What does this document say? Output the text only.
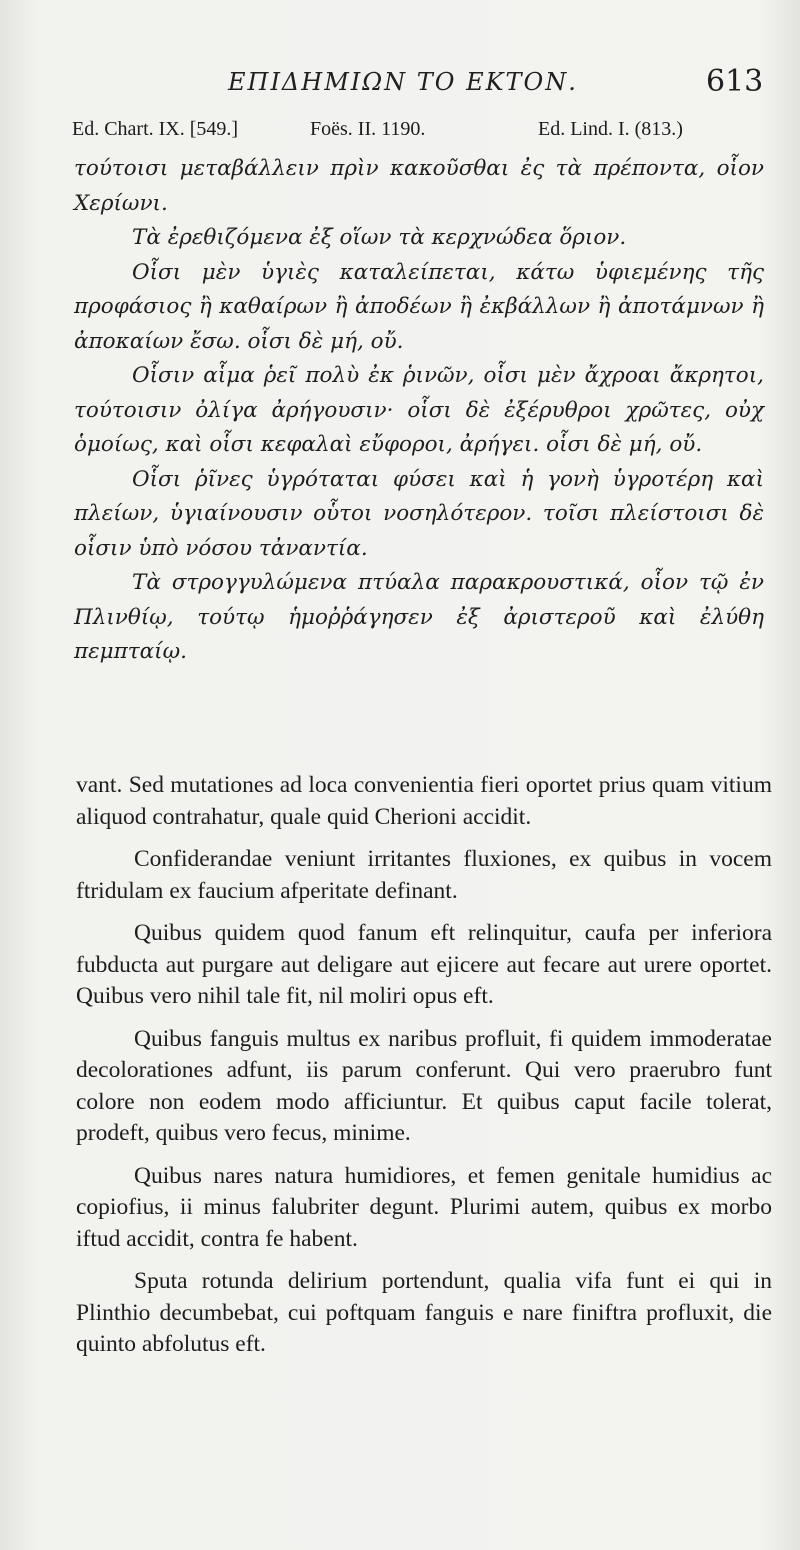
ΕΠΙΔΗΜΙΩΝ ΤΟ ΕΚΤΟΝ.	613
Ed. Chart. IX. [549.]	Foës. II. 1190.	Ed. Lind. I. (813.)

τούτοισι μεταβάλλειν πρὶν κακοῦσθαι ἐς τὰ πρέποντα, οἷον Χερίωνι.

Τὰ ἐρεθιζόμενα ἐξ οἵων τὰ κερχνώδεα ὅριον.

Οἷσι μὲν ὑγιὲς καταλείπεται, κάτω ὑφιεμένης τῆς προφάσιος ἢ καθαίρων ἢ ἀποδέων ἢ ἐκβάλλων ἢ ἀποτάμνων ἢ ἀποκαίων ἔσω. οἷσι δὲ μή, οὔ.

Οἷσιν αἷμα ῥεῖ πολὺ ἐκ ῥινῶν, οἷσι μὲν ἄχροαι ἄκρητοι, τούτοισιν ὀλίγα ἀρήγουσιν· οἷσι δὲ ἐξέρυθροι χρῶτες, οὐχ ὁμοίως, καὶ οἷσι κεφαλαὶ εὔφοροι, ἀρήγει. οἷσι δὲ μή, οὔ.

Οἷσι ῥῖνες ὑγρόταται φύσει καὶ ἡ γονὴ ὑγροτέρη καὶ πλείων, ὑγιαίνουσιν οὗτοι νοσηλότερον. τοῖσι πλείστοισι δὲ οἷσιν ὑπὸ νόσου τἀναντία.

Τὰ στρογγυλώμενα πτύαλα παρακρουστικά, οἷον τῷ ἐν Πλινθίῳ, τούτῳ ἡμοῤῥάγησεν ἐξ ἀριστεροῦ καὶ ἐλύθη πεμπταίῳ.

vant. Sed mutationes ad loca convenientia fieri oportet prius quam vitium aliquod contrahatur, quale quid Cherioni accidit.

Confiderandae veniunt irritantes fluxiones, ex quibus in vocem ftridulam ex faucium afperitate definant.

Quibus quidem quod fanum eft relinquitur, caufa per inferiora fubducta aut purgare aut deligare aut ejicere aut fecare aut urere oportet. Quibus vero nihil tale fit, nil moliri opus eft.

Quibus fanguis multus ex naribus profluit, fi quidem immoderatae decolorationes adfunt, iis parum conferunt. Qui vero praerubro funt colore non eodem modo afficiuntur. Et quibus caput facile tolerat, prodeft, quibus vero fecus, minime.

Quibus nares natura humidiores, et femen genitale humidius ac copiofius, ii minus falubriter degunt. Plurimi autem, quibus ex morbo iftud accidit, contra fe habent.

Sputa rotunda delirium portendunt, qualia vifa funt ei qui in Plinthio decumbebat, cui poftquam fanguis e nare finiftra profluxit, die quinto abfolutus eft.
